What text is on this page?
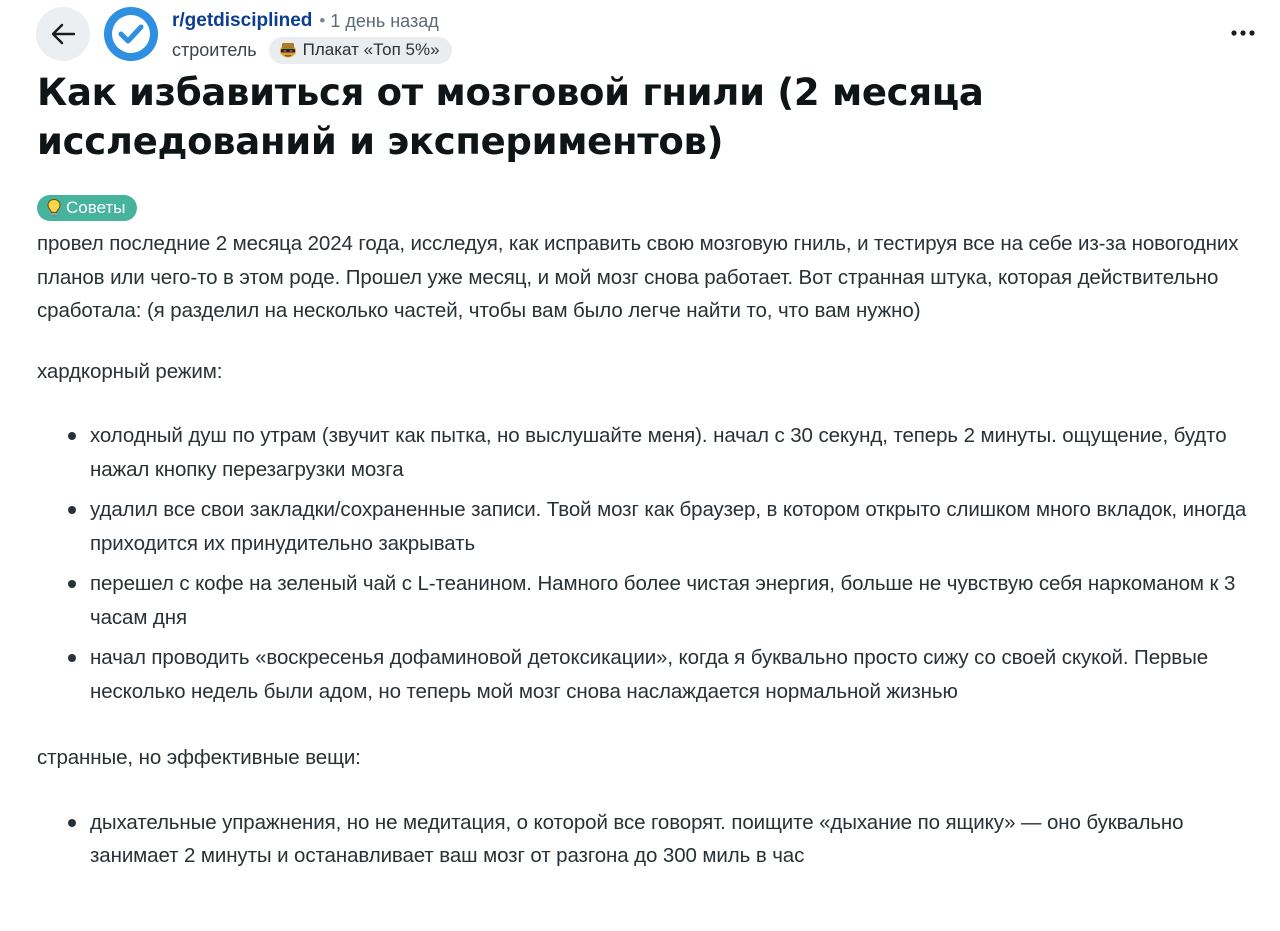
r/getdisciplined • 1 день назад
строитель	Плакат «Топ 5%»
Как избавиться от мозговой гнили (2 месяца исследований и экспериментов)
Советы

провел последние 2 месяца 2024 года, исследуя, как исправить свою мозговую гниль, и тестируя все на себе из-за новогодних планов или чего-то в этом роде. Прошел уже месяц, и мой мозг снова работает. Вот странная штука, которая действительно сработала: (я разделил на несколько частей, чтобы вам было легче найти то, что вам нужно)

хардкорный режим:

холодный душ по утрам (звучит как пытка, но выслушайте меня). начал с 30 секунд, теперь 2 минуты. ощущение, будто нажал кнопку перезагрузки мозга
удалил все свои закладки/сохраненные записи. Твой мозг как браузер, в котором открыто слишком много вкладок, иногда приходится их принудительно закрывать
перешел с кофе на зеленый чай с L-теанином. Намного более чистая энергия, больше не чувствую себя наркоманом к 3 часам дня
начал проводить «воскресенья дофаминовой детоксикации», когда я буквально просто сижу со своей скукой. Первые несколько недель были адом, но теперь мой мозг снова наслаждается нормальной жизнью

странные, но эффективные вещи:

дыхательные упражнения, но не медитация, о которой все говорят. поищите «дыхание по ящику» — оно буквально занимает 2 минуты и останавливает ваш мозг от разгона до 300 миль в час
